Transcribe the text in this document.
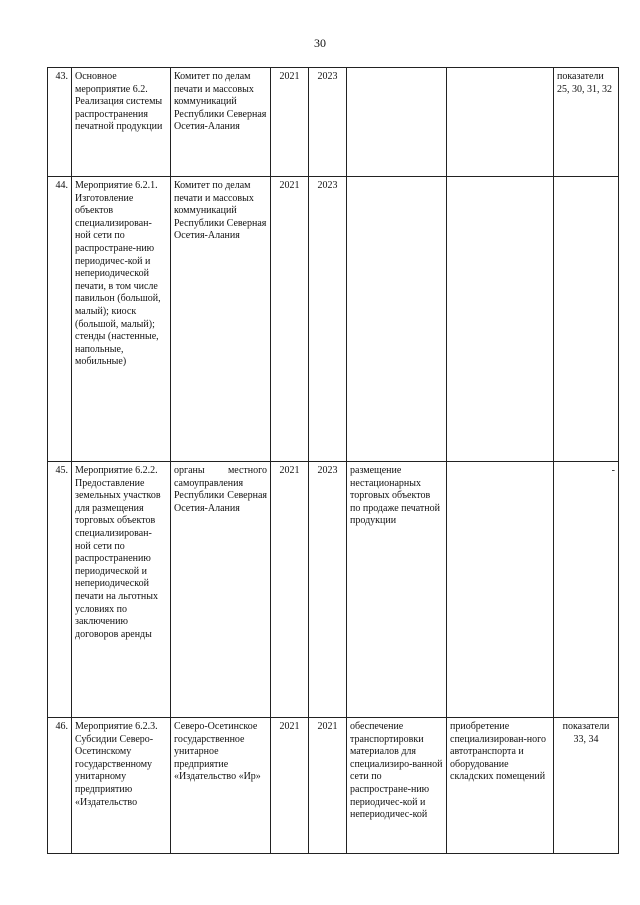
30
43.	Основное мероприятие 6.2. Реализация системы распространения печатной продукции	Комитет по делам печати и массовых коммуникаций Республики Северная Осетия-Алания	2021	2023			показатели 25, 30, 31, 32
44.	Мероприятие 6.2.1. Изготовление объектов специализирован-ной сети по распростране-нию периодичес-кой и непериодической печати, в том числе павильон (большой, малый); киоск (большой, малый); стенды (настенные, напольные, мобильные)	Комитет по делам печати и массовых коммуникаций Республики Северная Осетия-Алания	2021	2023			
45.	Мероприятие 6.2.2. Предоставление земельных участков для размещения торговых объектов специализирован-ной сети по распространению периодической и непериодической печати на льготных условиях по заключению договоров аренды	органы местного самоуправления Республики Северная Осетия-Алания	2021	2023	размещение нестационарных торговых объектов по продаже печатной продукции		-
46.	Мероприятие 6.2.3. Субсидии Северо-Осетинскому государственному унитарному предприятию «Издательство	Северо-Осетинское государственное унитарное предприятие «Издательство «Ир»	2021	2021	обеспечение транспортировки материалов для специализиро-ванной сети по распростране-нию периодичес-кой и непериодичес-кой	приобретение специализирован-ного автотранспорта и оборудование складских помещений	показатели 33, 34
